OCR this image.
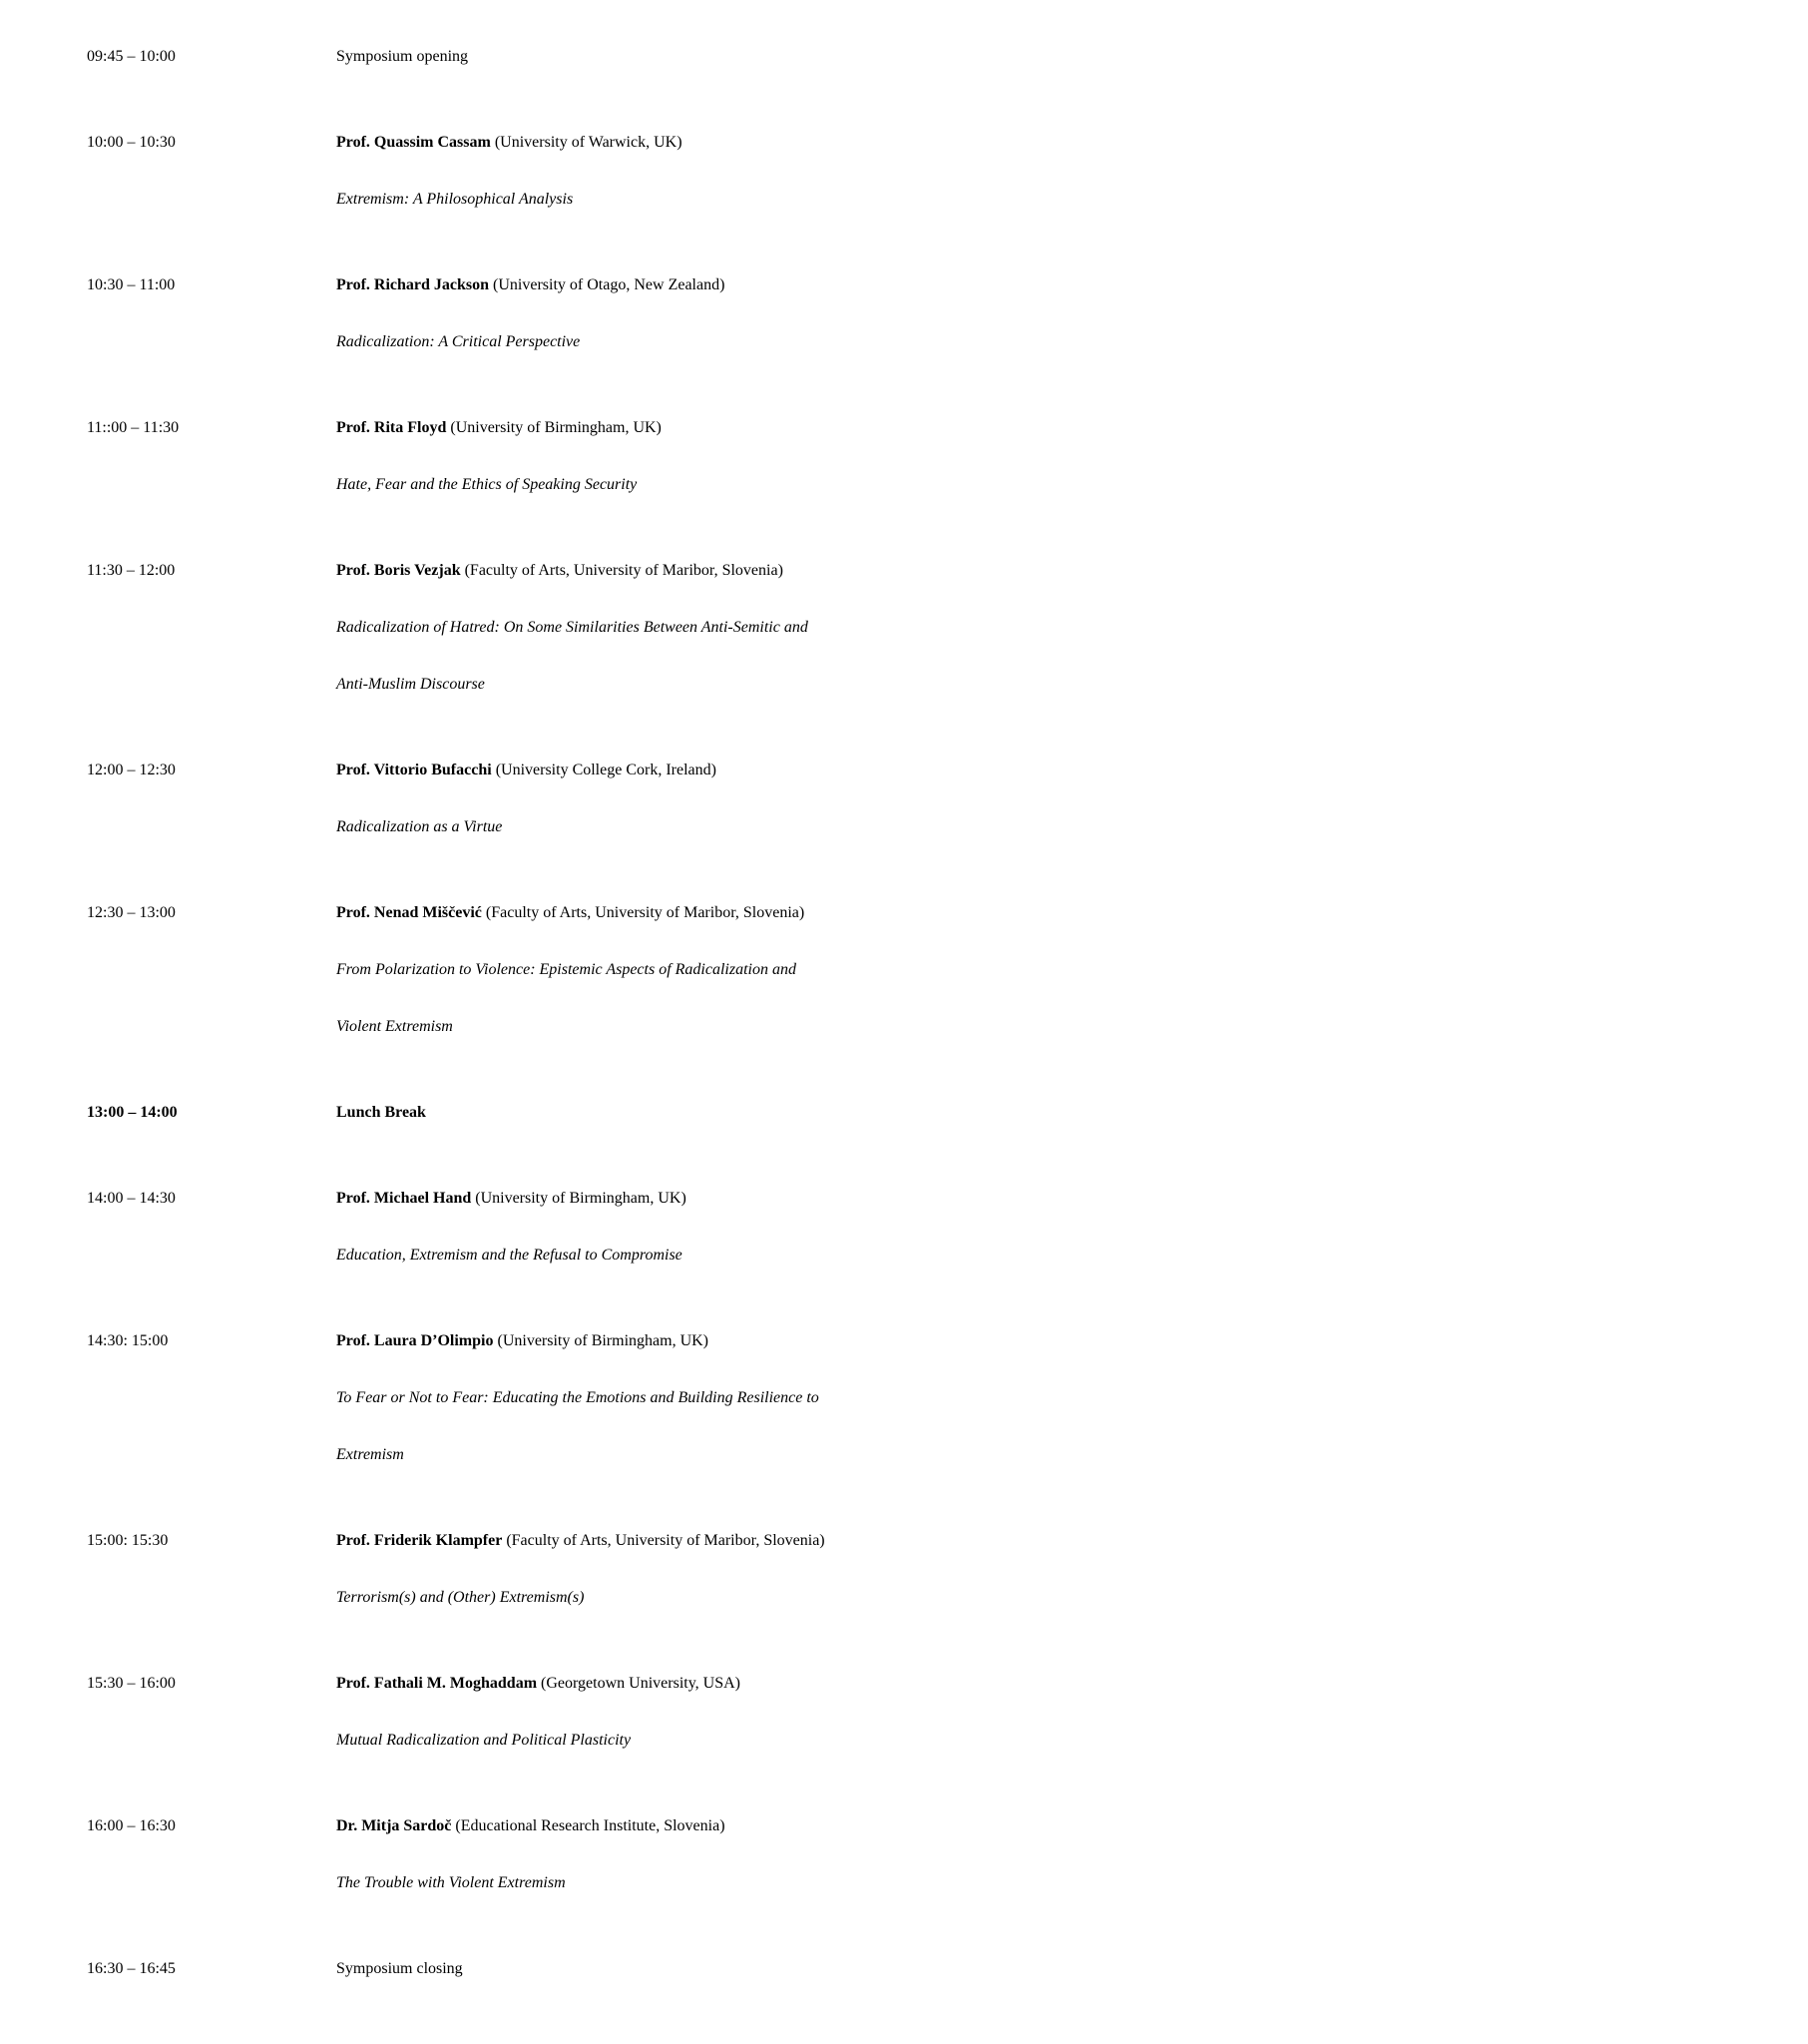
09:45 – 10:00	Symposium opening
10:00 – 10:30	Prof. Quassim Cassam (University of Warwick, UK)
Extremism: A Philosophical Analysis
10:30 – 11:00	Prof. Richard Jackson (University of Otago, New Zealand)
Radicalization: A Critical Perspective
11::00 – 11:30	Prof. Rita Floyd (University of Birmingham, UK)
Hate, Fear and the Ethics of Speaking Security
11:30 – 12:00	Prof. Boris Vezjak (Faculty of Arts, University of Maribor, Slovenia)
Radicalization of Hatred: On Some Similarities Between Anti-Semitic and
Anti-Muslim Discourse
12:00 – 12:30	Prof. Vittorio Bufacchi (University College Cork, Ireland)
Radicalization as a Virtue
12:30 – 13:00	Prof. Nenad Miščević (Faculty of Arts, University of Maribor, Slovenia)
From Polarization to Violence: Epistemic Aspects of Radicalization and
Violent Extremism
13:00 – 14:00	Lunch Break
14:00 – 14:30	Prof. Michael Hand (University of Birmingham, UK)
Education, Extremism and the Refusal to Compromise
14:30: 15:00	Prof. Laura D’Olimpio (University of Birmingham, UK)
To Fear or Not to Fear: Educating the Emotions and Building Resilience to
Extremism
15:00: 15:30	Prof. Friderik Klampfer (Faculty of Arts, University of Maribor, Slovenia)
Terrorism(s) and (Other) Extremism(s)
15:30 – 16:00	Prof. Fathali M. Moghaddam (Georgetown University, USA)
Mutual Radicalization and Political Plasticity
16:00 – 16:30	Dr. Mitja Sardoč (Educational Research Institute, Slovenia)
The Trouble with Violent Extremism
16:30 – 16:45	Symposium closing
